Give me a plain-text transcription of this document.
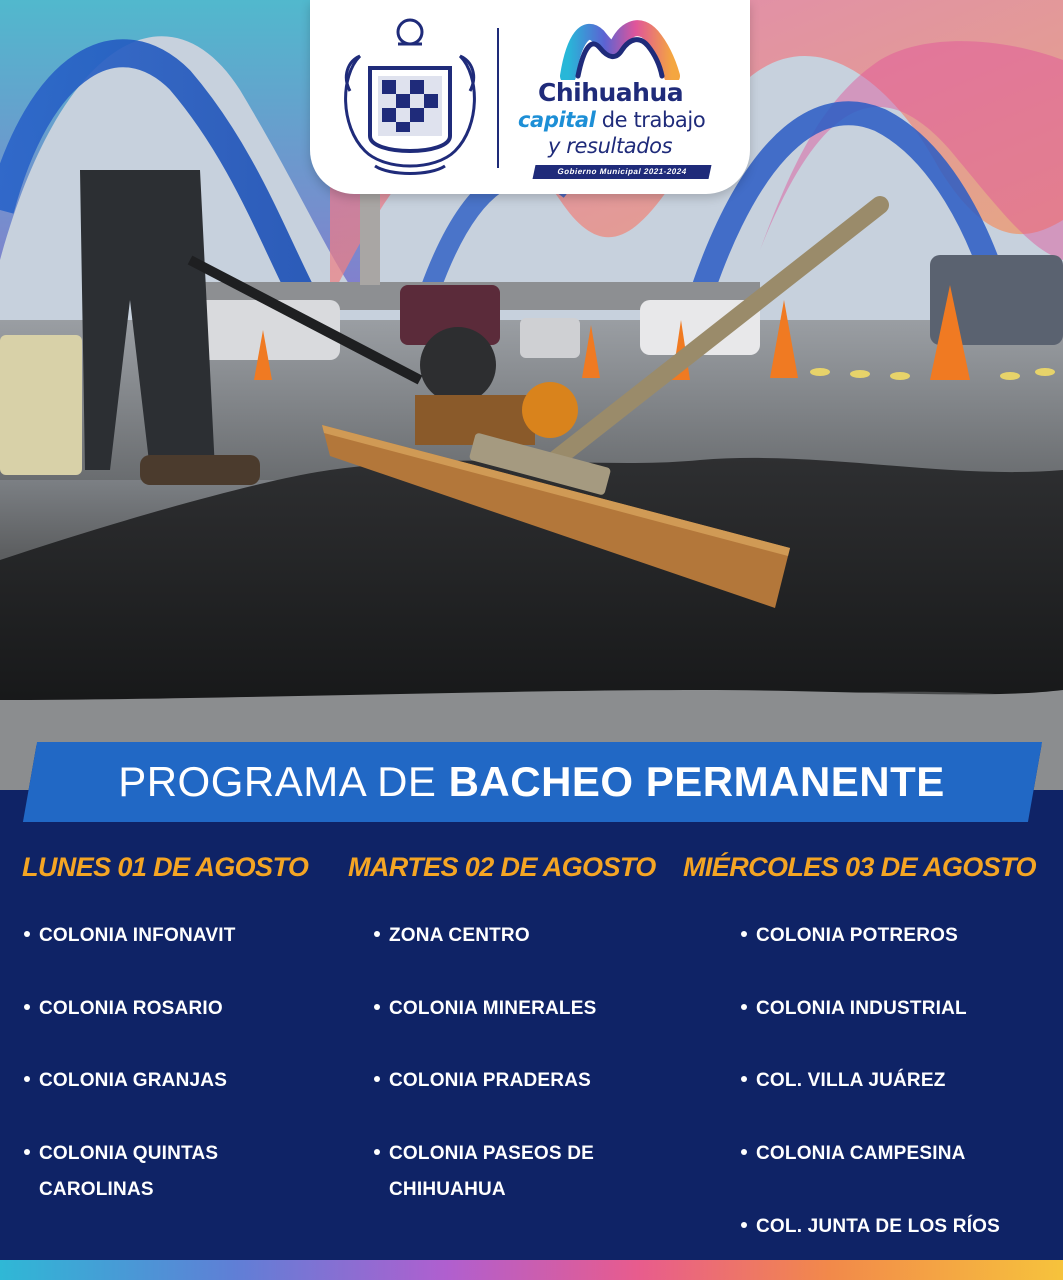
Chihuahua
capital de trabajo
y resultados
Gobierno Municipal 2021-2024
PROGRAMA DE BACHEO PERMANENTE
LUNES 01 DE AGOSTO
COLONIA INFONAVIT
COLONIA ROSARIO
COLONIA GRANJAS
COLONIA QUINTAS
CAROLINAS
MARTES 02 DE AGOSTO
ZONA CENTRO
COLONIA MINERALES
COLONIA PRADERAS
COLONIA PASEOS DE
CHIHUAHUA
MIÉRCOLES 03 DE AGOSTO
COLONIA POTREROS
COLONIA INDUSTRIAL
COL. VILLA JUÁREZ
COLONIA CAMPESINA
COL. JUNTA DE LOS RÍOS
